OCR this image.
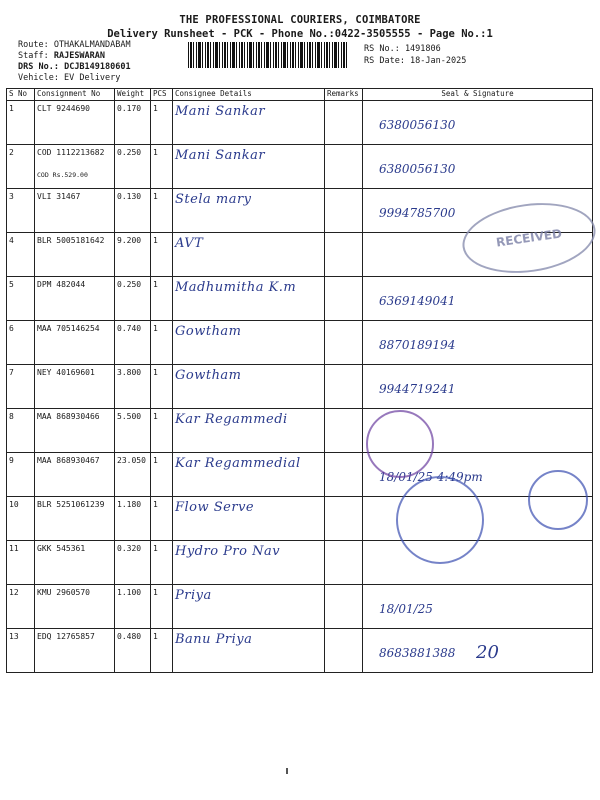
THE PROFESSIONAL COURIERS, COIMBATORE
Delivery Runsheet - PCK - Phone No.:0422-3505555 - Page No.:1
Route: OTHAKALMANDABAM
Staff: RAJESWARAN
DRS No.: DCJB149180601
Vehicle: EV Delivery
RS No.: 1491806
RS Date: 18-Jan-2025
S No	Consignment No	Weight	PCS	Consignee Details	Remarks	Seal & Signature
1	CLT 9244690	0.170	1	Mani Sankar		6380056130
2	COD 1112213682
COD Rs.529.00	0.250	1	Mani Sankar		6380056130
3	VLI 31467	0.130	1	Stela mary		9994785700
4	BLR 5005181642	9.200	1	AVT		
5	DPM 482044	0.250	1	Madhumitha K.m		6369149041
6	MAA 705146254	0.740	1	Gowtham		8870189194
7	NEY 40169601	3.800	1	Gowtham		9944719241
8	MAA 868930466	5.500	1	Kar Regammedi		
9	MAA 868930467	23.050	1	Kar Regammedial		18/01/25 4:49pm
10	BLR 5251061239	1.180	1	Flow Serve		
11	GKK 545361	0.320	1	Hydro Pro Nav		
12	KMU 2960570	1.100	1	Priya		18/01/25
13	EDQ 12765857	0.480	1	Banu Priya		8683881388
RECEIVED
20
